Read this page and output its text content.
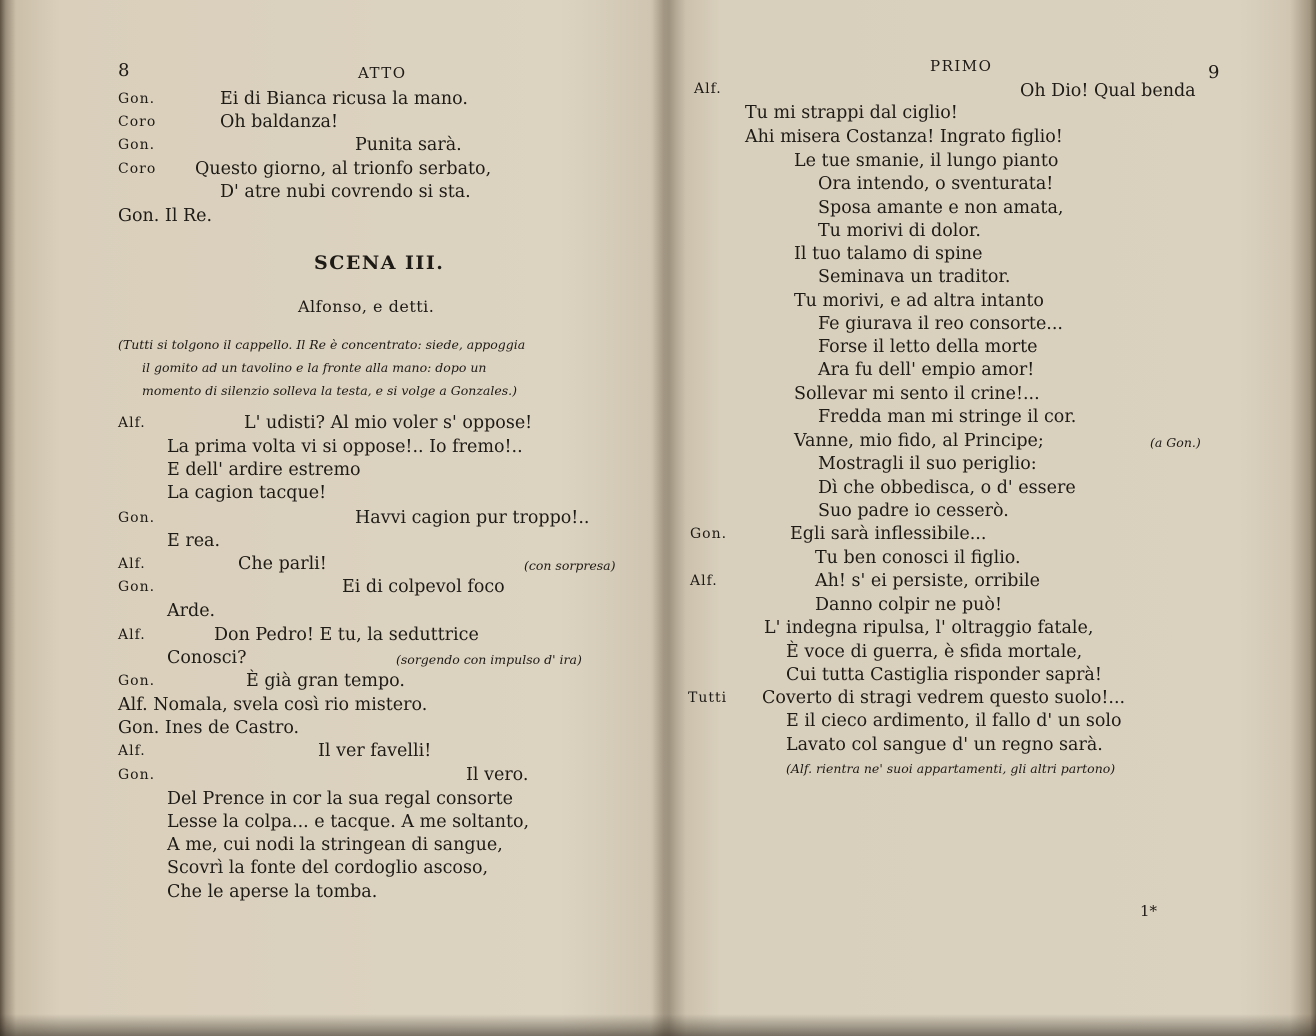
8	ATTO
Gon.	Ei di Bianca ricusa la mano.
Coro	Oh baldanza!
Gon.	Punita sarà.
Coro Questo giorno, al trionfo serbato,
D' atre nubi covrendo si sta.
Gon. Il Re.
SCENA III.
Alfonso, e detti.
(Tutti si tolgono il cappello. Il Re è concentrato: siede, appoggia
il gomito ad un tavolino e la fronte alla mano: dopo un
momento di silenzio solleva la testa, e si volge a Gonzales.)
Alf.	L' udisti? Al mio voler s' oppose!
La prima volta vi si oppose!.. Io fremo!..
E dell' ardire estremo
La cagion tacque!
Gon.	Havvi cagion pur troppo!..
E rea.
Alf.	Che parli!	(con sorpresa)
Gon.	Ei di colpevol foco
Arde.
Alf.	Don Pedro! E tu, la seduttrice
Conosci?	(sorgendo con impulso d' ira)
Gon.	È già gran tempo.
Alf. Nomala, svela così rio mistero.
Gon. Ines de Castro.
Alf.	Il ver favelli!
Gon.	Il vero.
Del Prence in cor la sua regal consorte
Lesse la colpa... e tacque. A me soltanto,
A me, cui nodi la stringean di sangue,
Scovrì la fonte del cordoglio ascoso,
Che le aperse la tomba.
PRIMO	9
Alf.	Oh Dio! Qual benda
Tu mi strappi dal ciglio!
Ahi misera Costanza! Ingrato figlio!
Le tue smanie, il lungo pianto
Ora intendo, o sventurata!
Sposa amante e non amata,
Tu morivi di dolor.
Il tuo talamo di spine
Seminava un traditor.
Tu morivi, e ad altra intanto
Fe giurava il reo consorte...
Forse il letto della morte
Ara fu dell' empio amor!
Sollevar mi sento il crine!...
Fredda man mi stringe il cor.
Vanne, mio fido, al Principe;	(a Gon.)
Mostragli il suo periglio:
Dì che obbedisca, o d' essere
Suo padre io cesserò.
Gon.	Egli sarà inflessibile...
Tu ben conosci il figlio.
Alf.	Ah! s' ei persiste, orribile
Danno colpir ne può!
L' indegna ripulsa, l' oltraggio fatale,
È voce di guerra, è sfida mortale,
Cui tutta Castiglia risponder saprà!
Tutti Coverto di stragi vedrem questo suolo!...
E il cieco ardimento, il fallo d' un solo
Lavato col sangue d' un regno sarà.
(Alf. rientra ne' suoi appartamenti, gli altri partono)
1*
